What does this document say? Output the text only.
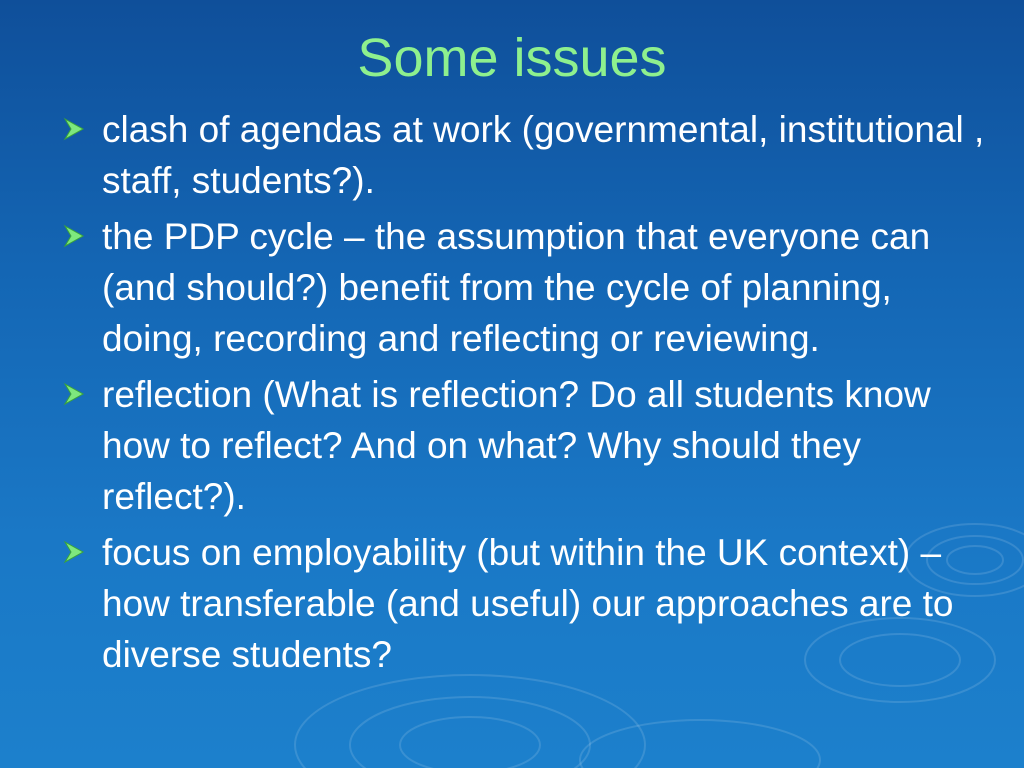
Some issues
clash of agendas at work (governmental, institutional , staff, students?).
the PDP cycle – the assumption that everyone can (and should?) benefit from the cycle of planning, doing, recording and reflecting or reviewing.
reflection (What is reflection? Do all students know how to reflect? And on what? Why should they reflect?).
focus on employability (but within the UK context) – how transferable (and useful) our approaches are to diverse students?
